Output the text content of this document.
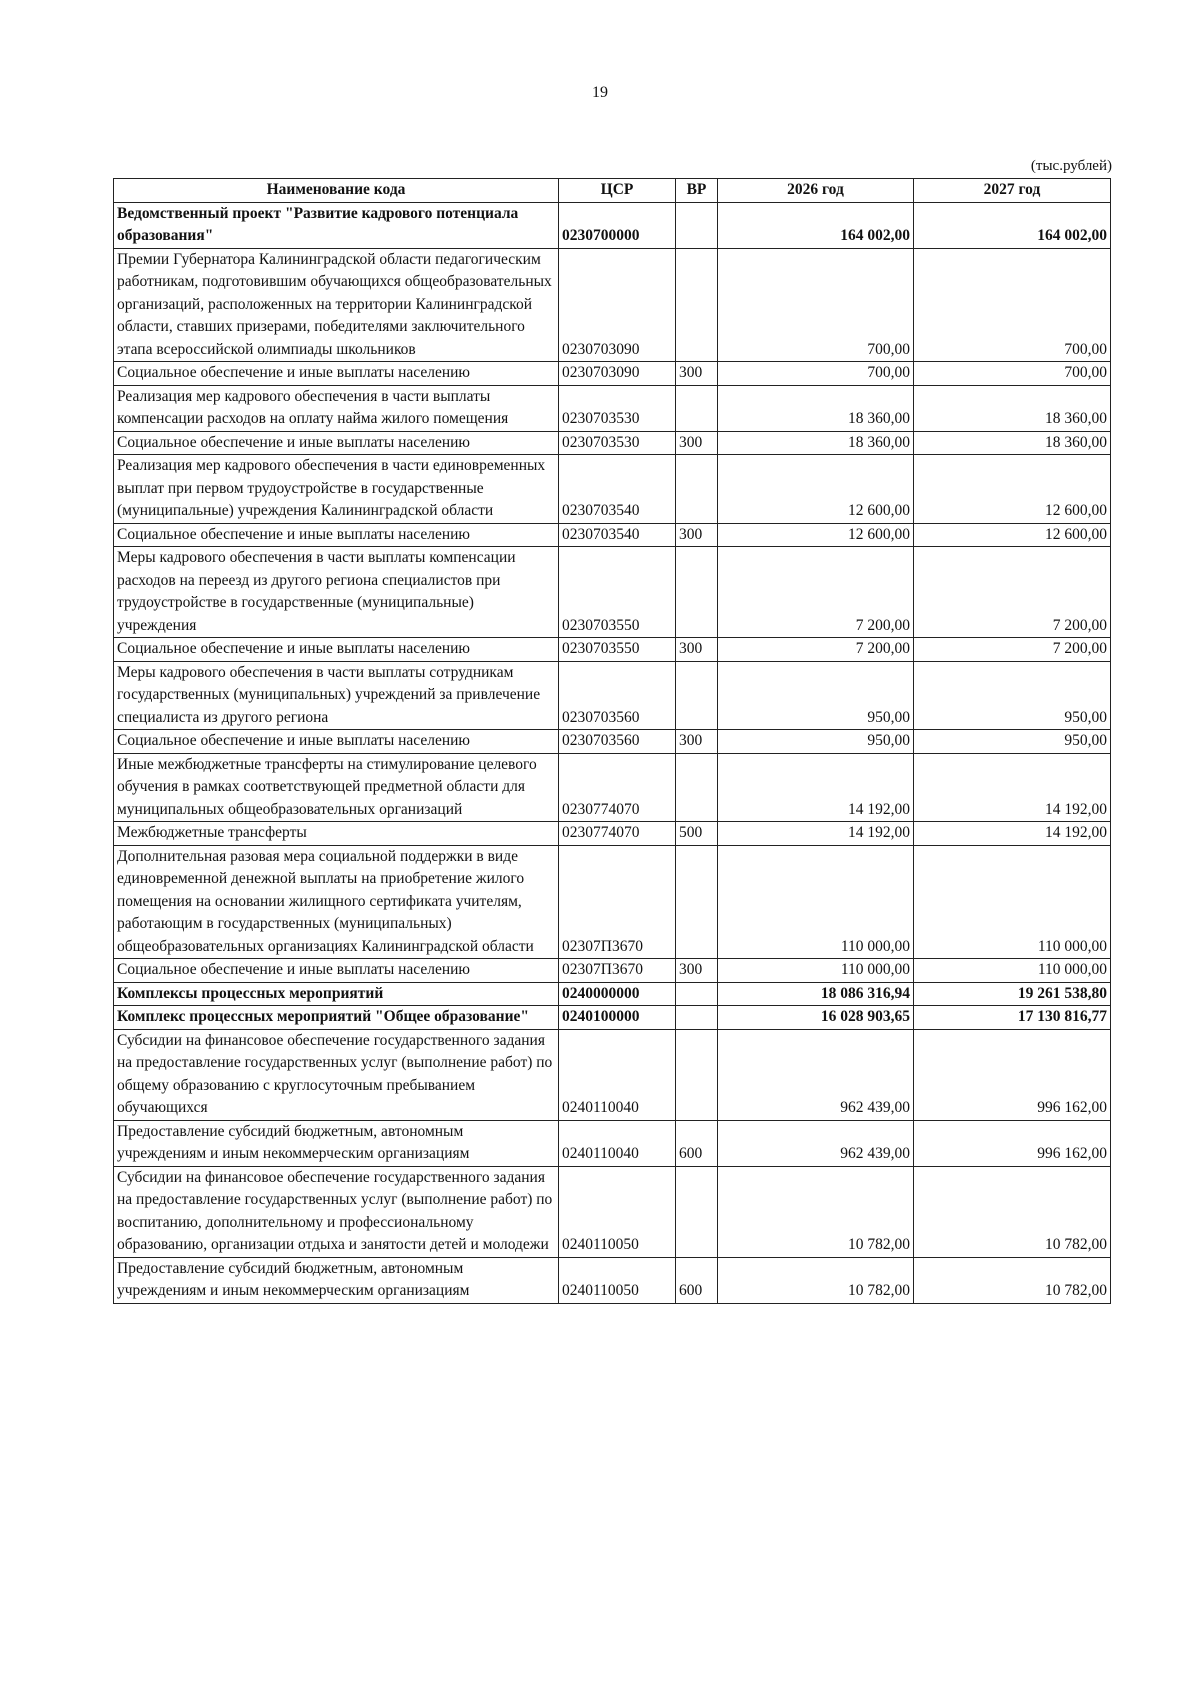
19
(тыс.рублей)
Наименование кода	ЦСР	ВР	2026 год	2027 год
Ведомственный проект "Развитие кадрового потенциала образования"	0230700000		164 002,00	164 002,00
Премии Губернатора Калининградской области педагогическим работникам, подготовившим обучающихся общеобразовательных организаций, расположенных на территории Калининградской области, ставших призерами, победителями заключительного этапа всероссийской олимпиады школьников	0230703090		700,00	700,00
Социальное обеспечение и иные выплаты населению	0230703090	300	700,00	700,00
Реализация мер кадрового обеспечения в части выплаты компенсации расходов на оплату найма жилого помещения	0230703530		18 360,00	18 360,00
Социальное обеспечение и иные выплаты населению	0230703530	300	18 360,00	18 360,00
Реализация мер кадрового обеспечения в части единовременных выплат при первом трудоустройстве в государственные (муниципальные) учреждения Калининградской области	0230703540		12 600,00	12 600,00
Социальное обеспечение и иные выплаты населению	0230703540	300	12 600,00	12 600,00
Меры кадрового обеспечения в части выплаты компенсации расходов на переезд из другого региона специалистов при трудоустройстве в государственные (муниципальные) учреждения	0230703550		7 200,00	7 200,00
Социальное обеспечение и иные выплаты населению	0230703550	300	7 200,00	7 200,00
Меры кадрового обеспечения в части выплаты сотрудникам государственных (муниципальных) учреждений за привлечение специалиста из другого региона	0230703560		950,00	950,00
Социальное обеспечение и иные выплаты населению	0230703560	300	950,00	950,00
Иные межбюджетные трансферты на стимулирование целевого обучения в рамках соответствующей предметной области для муниципальных общеобразовательных организаций	0230774070		14 192,00	14 192,00
Межбюджетные трансферты	0230774070	500	14 192,00	14 192,00
Дополнительная разовая мера социальной поддержки в виде единовременной денежной выплаты на приобретение жилого помещения на основании жилищного сертификата учителям, работающим в государственных (муниципальных) общеобразовательных организациях Калининградской области	02307П3670		110 000,00	110 000,00
Социальное обеспечение и иные выплаты населению	02307П3670	300	110 000,00	110 000,00
Комплексы процессных мероприятий	0240000000		18 086 316,94	19 261 538,80
Комплекс процессных мероприятий "Общее образование"	0240100000		16 028 903,65	17 130 816,77
Субсидии на финансовое обеспечение государственного задания на предоставление государственных услуг (выполнение работ) по общему образованию с круглосуточным пребыванием обучающихся	0240110040		962 439,00	996 162,00
Предоставление субсидий бюджетным, автономным учреждениям и иным некоммерческим организациям	0240110040	600	962 439,00	996 162,00
Субсидии на финансовое обеспечение государственного задания на предоставление государственных услуг (выполнение работ) по воспитанию, дополнительному и профессиональному образованию, организации отдыха и занятости детей и молодежи	0240110050		10 782,00	10 782,00
Предоставление субсидий бюджетным, автономным учреждениям и иным некоммерческим организациям	0240110050	600	10 782,00	10 782,00
